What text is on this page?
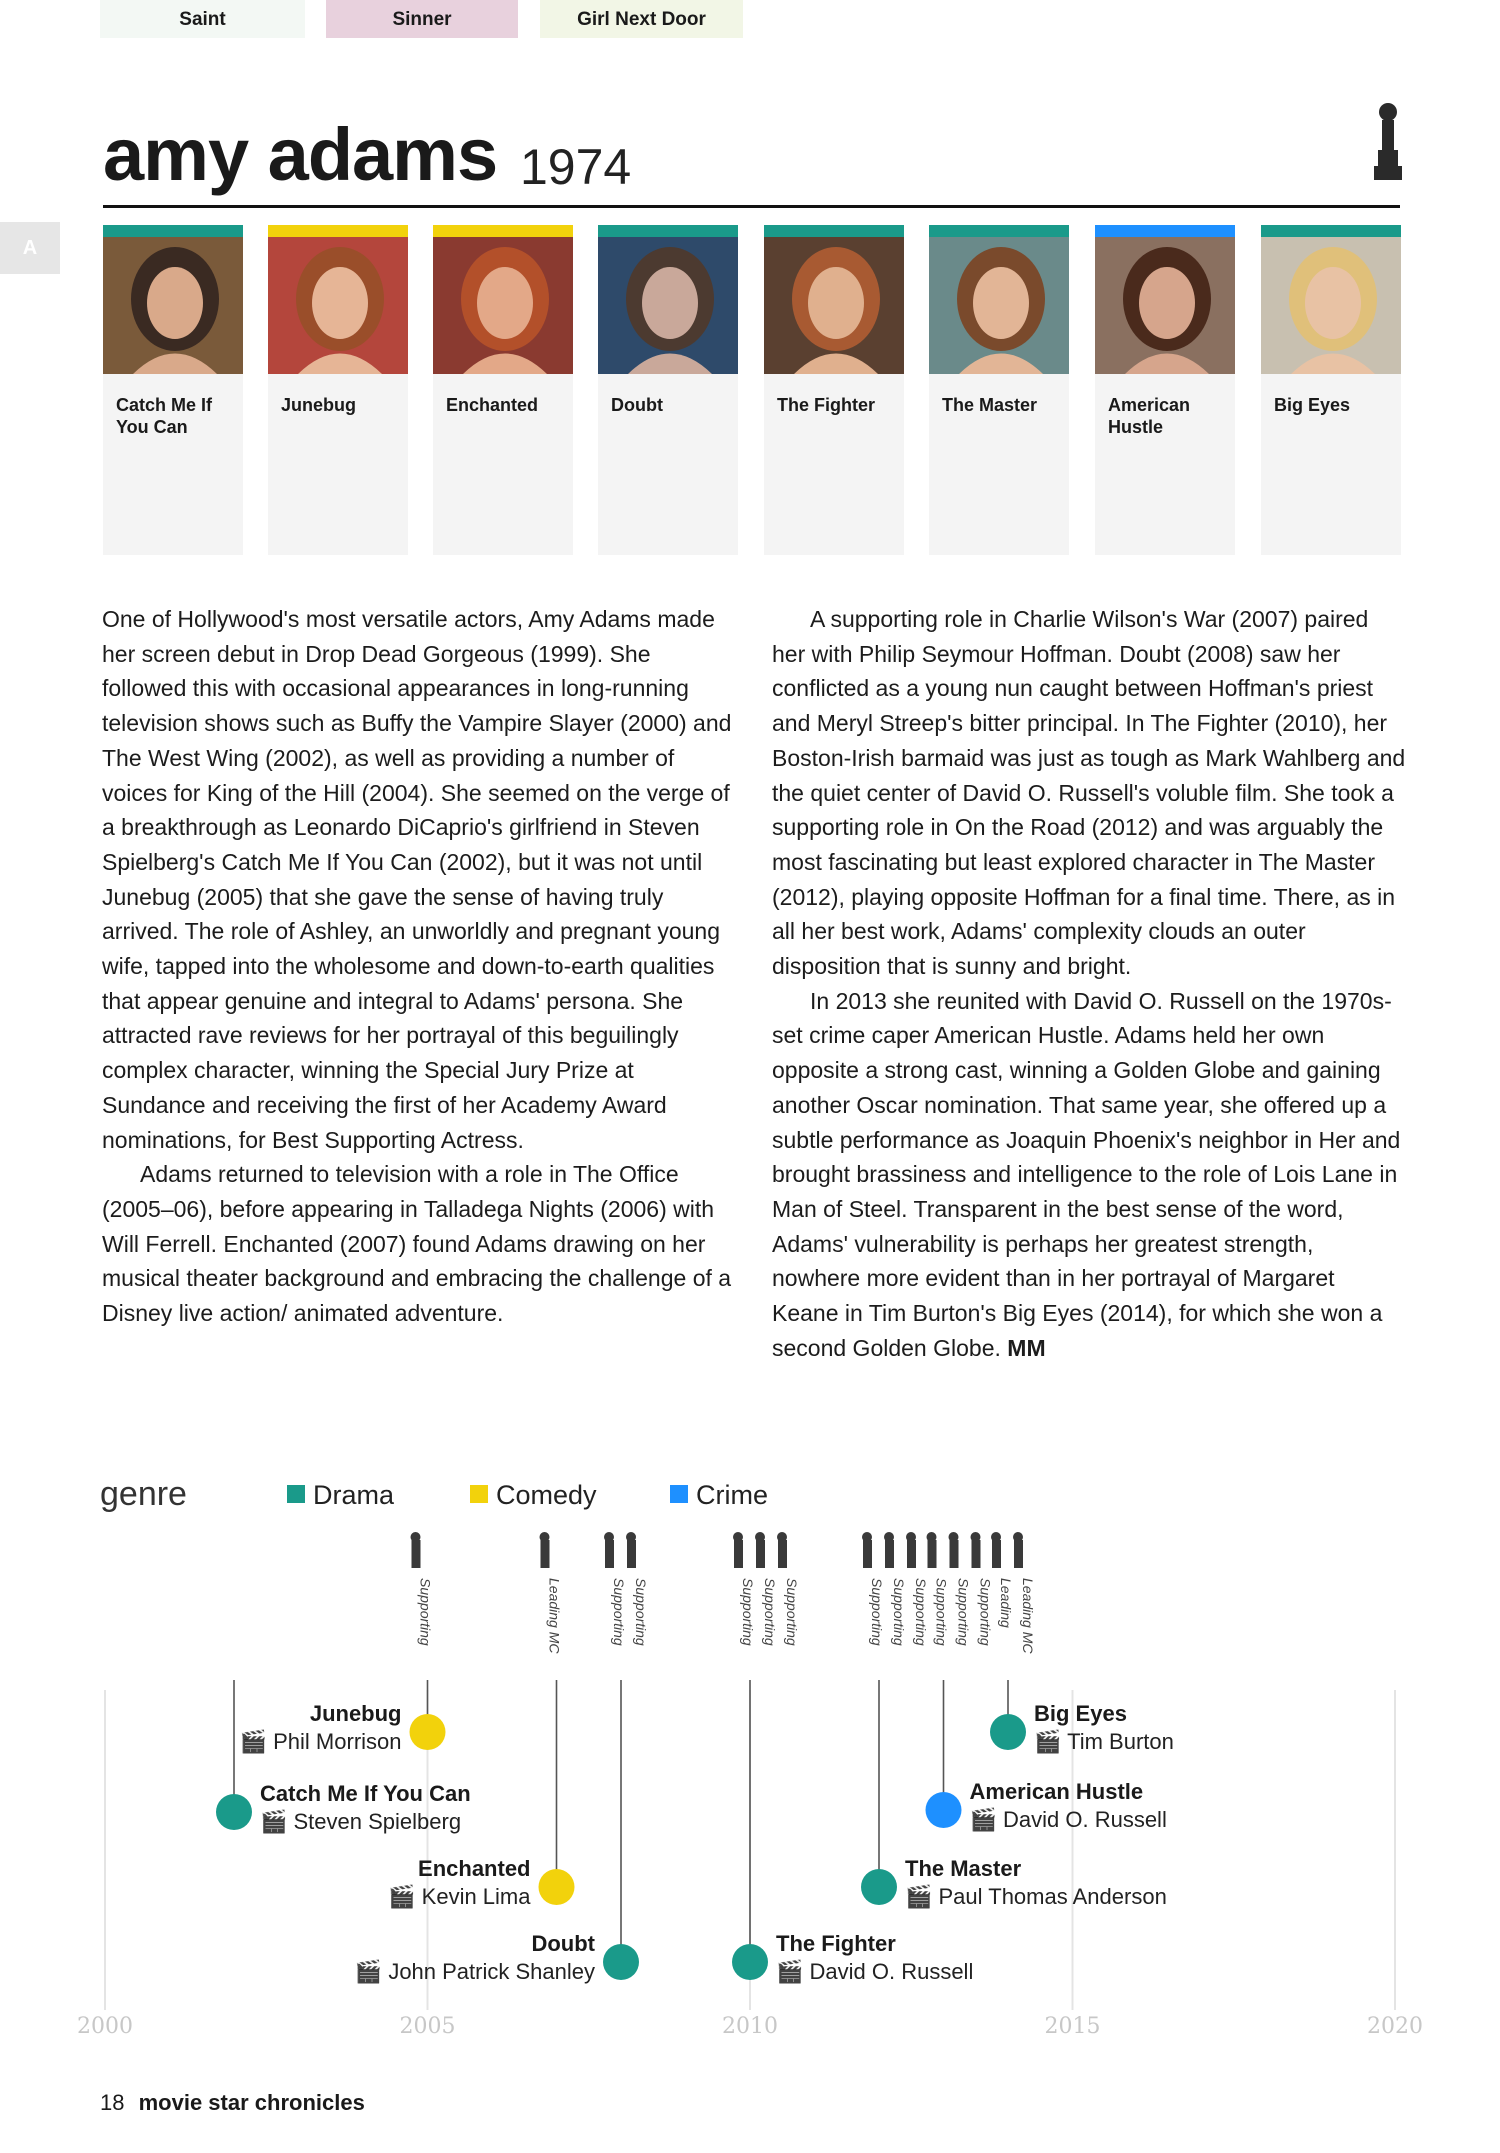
Saint	Sinner	Girl Next Door
A
amy adams 1974
Catch Me If You Can
Junebug	Enchanted	Doubt	The Fighter	The Master	American Hustle
Big Eyes

One of Hollywood's most versatile actors, Amy Adams made her screen debut in Drop Dead Gorgeous (1999). She followed this with occasional appearances in long-running television shows such as Buffy the Vampire Slayer (2000) and The West Wing (2002), as well as providing a number of voices for King of the Hill (2004). She seemed on the verge of a breakthrough as Leonardo DiCaprio's girlfriend in Steven Spielberg's Catch Me If You Can (2002), but it was not until Junebug (2005) that she gave the sense of having truly arrived. The role of Ashley, an unworldly and pregnant young wife, tapped into the wholesome and down-to-earth qualities that appear genuine and integral to Adams' persona. She attracted rave reviews for her portrayal of this beguilingly complex character, winning the Special Jury Prize at Sundance and receiving the first of her Academy Award nominations, for Best Supporting Actress.

Adams returned to television with a role in The Office (2005–06), before appearing in Talladega Nights (2006) with Will Ferrell. Enchanted (2007) found Adams drawing on her musical theater background and embracing the challenge of a Disney live action/ animated adventure.

A supporting role in Charlie Wilson's War (2007) paired her with Philip Seymour Hoffman. Doubt (2008) saw her conflicted as a young nun caught between Hoffman's priest and Meryl Streep's bitter principal. In The Fighter (2010), her Boston-Irish barmaid was just as tough as Mark Wahlberg and the quiet center of David O. Russell's voluble film. She took a supporting role in On the Road (2012) and was arguably the most fascinating but least explored character in The Master (2012), playing opposite Hoffman for a final time. There, as in all her best work, Adams' complexity clouds an outer disposition that is sunny and bright.

In 2013 she reunited with David O. Russell on the 1970s-set crime caper American Hustle. Adams held her own opposite a strong cast, winning a Golden Globe and gaining another Oscar nomination. That same year, she offered up a subtle performance as Joaquin Phoenix's neighbor in Her and brought brassiness and intelligence to the role of Lois Lane in Man of Steel. Transparent in the best sense of the word, Adams' vulnerability is perhaps her greatest strength, nowhere more evident than in her portrayal of Margaret Keane in Tim Burton's Big Eyes (2014), for which she won a second Golden Globe. MM

genre	Drama	Comedy	Crime
Supporting	Leading MC	Supporting Supporting	Supporting Supporting Supporting	Supporting Supporting Supporting Supporting Supporting Supporting Leading Leading MC
2000	2005	2010	2015	2020
Junebug
🎬 Phil Morrison
Catch Me If You Can
🎬 Steven Spielberg
Enchanted
🎬 Kevin Lima
Doubt
🎬 John Patrick Shanley
The Fighter
🎬 David O. Russell
The Master
🎬 Paul Thomas Anderson
American Hustle
🎬 David O. Russell
Big Eyes
🎬 Tim Burton
18 movie star chronicles
